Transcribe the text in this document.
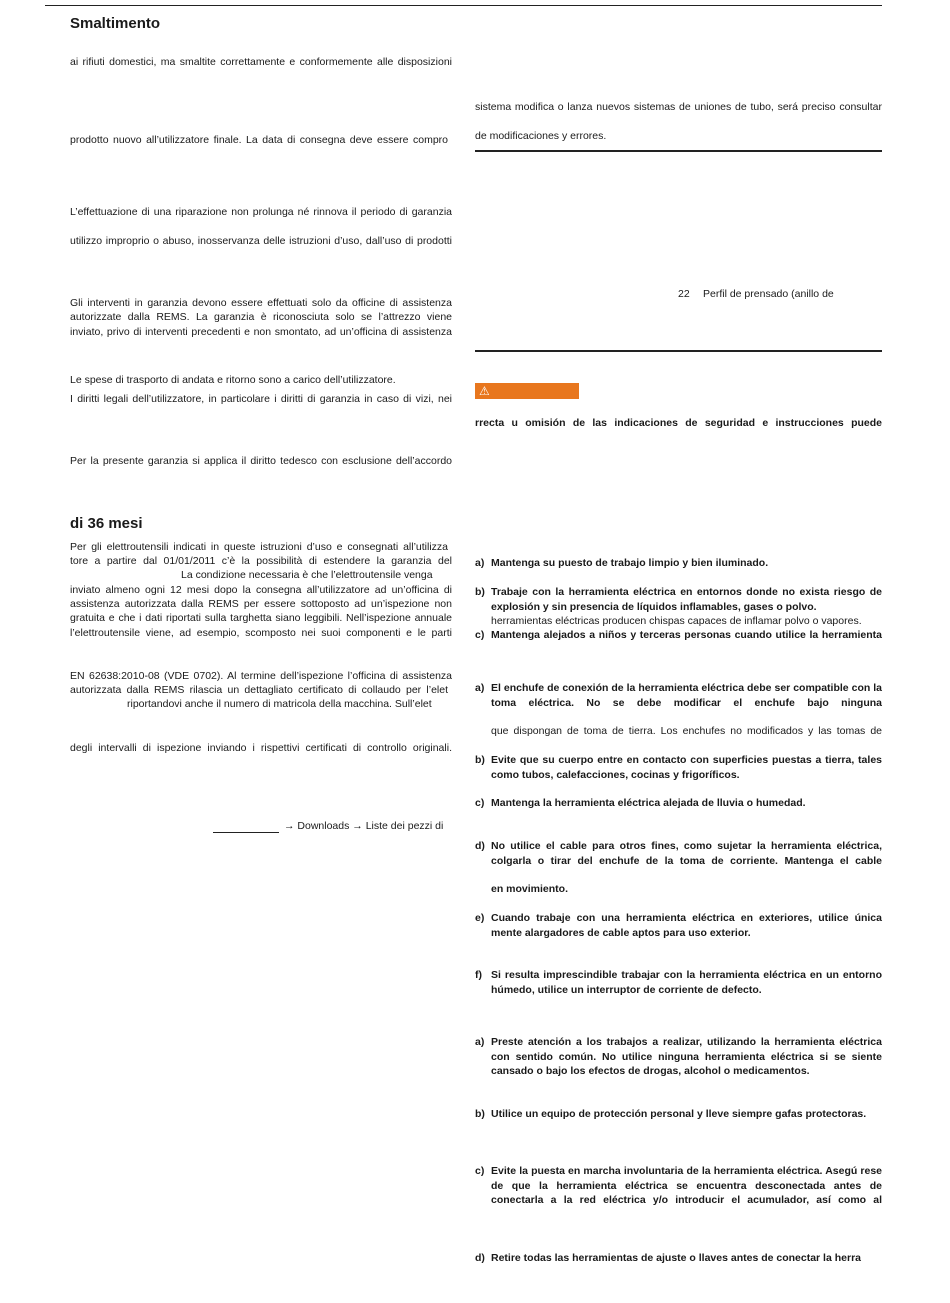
Smaltimento
ai rifiuti domestici, ma smaltite correttamente e conformemente alle disposizioni
prodotto nuovo all’utilizzatore finale. La data di consegna deve essere compro
L’effettuazione di una riparazione non prolunga né rinnova il periodo di garanzia
utilizzo improprio o abuso, inosservanza delle istruzioni d’uso, dall’uso di prodotti
Gli interventi in garanzia devono essere effettuati solo da officine di assistenza
autorizzate dalla REMS. La garanzia è riconosciuta solo se l’attrezzo viene
inviato, privo di interventi precedenti e non smontato, ad un’officina di assistenza
Le spese di trasporto di andata e ritorno sono a carico dell’utilizzatore.
I diritti legali dell’utilizzatore, in particolare i diritti di garanzia in caso di vizi, nei
Per la presente garanzia si applica il diritto tedesco con esclusione dell’accordo
di 36 mesi
Per gli elettroutensili indicati in queste istruzioni d’uso e consegnati all’utilizza
tore a partire dal 01/01/2011 c’è la possibilità di estendere la garanzia del
La condizione necessaria è che l’elettroutensile venga
inviato almeno ogni 12 mesi dopo la consegna all’utilizzatore ad un’officina di
assistenza autorizzata dalla REMS per essere sottoposto ad un’ispezione non
gratuita e che i dati riportati sulla targhetta siano leggibili. Nell’ispezione annuale
l’elettroutensile viene, ad esempio, scomposto nei suoi componenti e le parti
EN 62638:2010-08 (VDE 0702). Al termine dell’ispezione l’officina di assistenza
autorizzata dalla REMS rilascia un dettagliato certificato di collaudo per l’elet
riportandovi anche il numero di matricola della macchina. Sull’elet
degli intervalli di ispezione inviando i rispettivi certificati di controllo originali.
→ Downloads → Liste dei pezzi di
sistema modifica o lanza nuevos sistemas de uniones de tubo, será preciso consultar
de modificaciones y errores.
22 Perfil de prensado (anillo de
⚠
rrecta u omisión de las indicaciones de seguridad e instrucciones puede
a) Mantenga su puesto de trabajo limpio y bien iluminado.
b) Trabaje con la herramienta eléctrica en entornos donde no exista riesgo de explosión y sin presencia de líquidos inflamables, gases o polvo.
herramientas eléctricas producen chispas capaces de inflamar polvo o vapores.
c) Mantenga alejados a niños y terceras personas cuando utilice la herramienta
a) El enchufe de conexión de la herramienta eléctrica debe ser compatible con la toma eléctrica. No se debe modificar el enchufe bajo ninguna
que dispongan de toma de tierra. Los enchufes no modificados y las tomas de
b) Evite que su cuerpo entre en contacto con superficies puestas a tierra, tales como tubos, calefacciones, cocinas y frigoríficos.
c) Mantenga la herramienta eléctrica alejada de lluvia o humedad.
d) No utilice el cable para otros fines, como sujetar la herramienta eléctrica, colgarla o tirar del enchufe de la toma de corriente. Mantenga el cable
en movimiento.
e) Cuando trabaje con una herramienta eléctrica en exteriores, utilice única mente alargadores de cable aptos para uso exterior.
f) Si resulta imprescindible trabajar con la herramienta eléctrica en un entorno húmedo, utilice un interruptor de corriente de defecto.
a) Preste atención a los trabajos a realizar, utilizando la herramienta eléctrica con sentido común. No utilice ninguna herramienta eléctrica si se siente cansado o bajo los efectos de drogas, alcohol o medicamentos.
b) Utilice un equipo de protección personal y lleve siempre gafas protectoras.
c) Evite la puesta en marcha involuntaria de la herramienta eléctrica. Asegú rese de que la herramienta eléctrica se encuentra desconectada antes de conectarla a la red eléctrica y/o introducir el acumulador, así como al
d) Retire todas las herramientas de ajuste o llaves antes de conectar la herra
